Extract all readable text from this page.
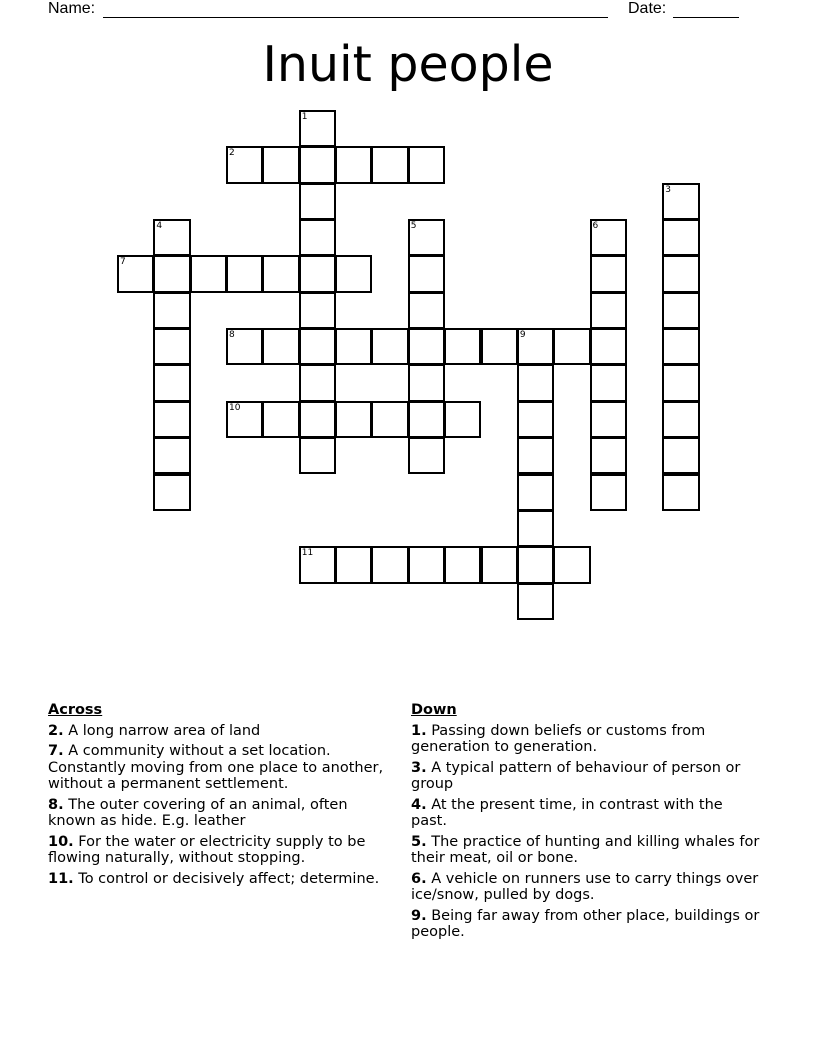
Name:	Date:
Inuit people
1
2
3
4	5	6
7
8	9
10
11
Across
2. A long narrow area of land
7. A community without a set location. Constantly moving from one place to another, without a permanent settlement.
8. The outer covering of an animal, often known as hide. E.g. leather
10. For the water or electricity supply to be flowing naturally, without stopping.
11. To control or decisively affect; determine.
Down
1. Passing down beliefs or customs from generation to generation.
3. A typical pattern of behaviour of person or group
4. At the present time, in contrast with the past.
5. The practice of hunting and killing whales for their meat, oil or bone.
6. A vehicle on runners use to carry things over ice/snow, pulled by dogs.
9. Being far away from other place, buildings or people.
